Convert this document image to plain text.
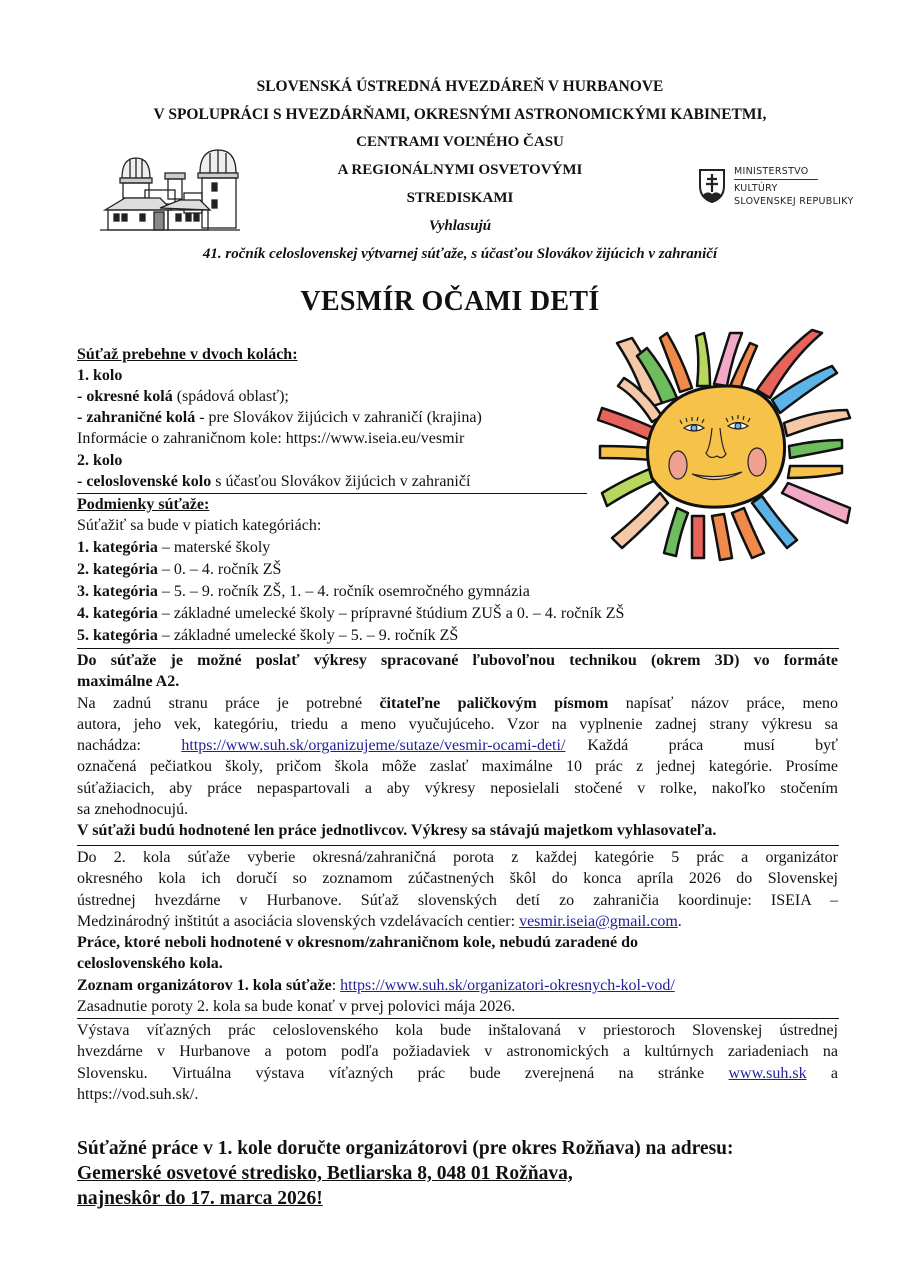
SLOVENSKÁ ÚSTREDNÁ HVEZDÁREŇ V HURBANOVE
V SPOLUPRÁCI S HVEZDÁRŇAMI, OKRESNÝMI ASTRONOMICKÝMI KABINETMI,
CENTRAMI VOĽNÉHO ČASU
A REGIONÁLNYMI OSVETOVÝMI
STREDISKAMI
Vyhlasujú
41. ročník celoslovenskej výtvarnej súťaže, s účasťou Slovákov žijúcich v zahraničí
MINISTERSTVO
KULTÚRY
SLOVENSKEJ REPUBLIKY
VESMÍR OČAMI DETÍ
Súťaž prebehne v dvoch kolách:
1. kolo
- okresné kolá (spádová oblasť);
- zahraničné kolá - pre Slovákov žijúcich v zahraničí (krajina)
Informácie o zahraničnom kole: https://www.iseia.eu/vesmir
2. kolo
- celoslovenské kolo s účasťou Slovákov žijúcich v zahraničí
Podmienky súťaže:
Súťažiť sa bude v piatich kategóriách:
1. kategória – materské školy
2. kategória – 0. – 4. ročník ZŠ
3. kategória – 5. – 9. ročník ZŠ, 1. – 4. ročník osemročného gymnázia
4. kategória – základné umelecké školy – prípravné štúdium ZUŠ a 0. – 4. ročník ZŠ
5. kategória – základné umelecké školy – 5. – 9. ročník ZŠ
Do súťaže je možné poslať výkresy spracované ľubovoľnou technikou (okrem 3D) vo formáte
maximálne A2.
Na zadnú stranu práce je potrebné čitateľne paličkovým písmom napísať názov práce, meno
autora, jeho vek, kategóriu, triedu a meno vyučujúceho. Vzor na vyplnenie zadnej strany výkresu sa
nachádza: https://www.suh.sk/organizujeme/sutaze/vesmir-ocami-deti/ Každá práca musí byť
označená pečiatkou školy, pričom škola môže zaslať maximálne 10 prác z jednej kategórie. Prosíme
súťažiacich, aby práce nepaspartovali a aby výkresy neposielali stočené v rolke, nakoľko stočením
sa znehodnocujú.
V súťaži budú hodnotené len práce jednotlivcov. Výkresy sa stávajú majetkom vyhlasovateľa.
Do 2. kola súťaže vyberie okresná/zahraničná porota z každej kategórie 5 prác a organizátor
okresného kola ich doručí so zoznamom zúčastnených škôl do konca apríla 2026 do Slovenskej
ústrednej hvezdárne v Hurbanove. Súťaž slovenských detí zo zahraničia koordinuje: ISEIA –
Medzinárodný inštitút a asociácia slovenských vzdelávacích centier: vesmir.iseia@gmail.com.
Práce, ktoré neboli hodnotené v okresnom/zahraničnom kole, nebudú zaradené do
celoslovenského kola.
Zoznam organizátorov 1. kola súťaže: https://www.suh.sk/organizatori-okresnych-kol-vod/
Zasadnutie poroty 2. kola sa bude konať v prvej polovici mája 2026.
Výstava víťazných prác celoslovenského kola bude inštalovaná v priestoroch Slovenskej ústrednej
hvezdárne v Hurbanove a potom podľa požiadaviek v astronomických a kultúrnych zariadeniach na
Slovensku. Virtuálna výstava víťazných prác bude zverejnená na stránke www.suh.sk a
https://vod.suh.sk/.
Súťažné práce v 1. kole doručte organizátorovi (pre okres Rožňava) na adresu:
Gemerské osvetové stredisko, Betliarska 8, 048 01 Rožňava,
najneskôr do 17. marca 2026!
